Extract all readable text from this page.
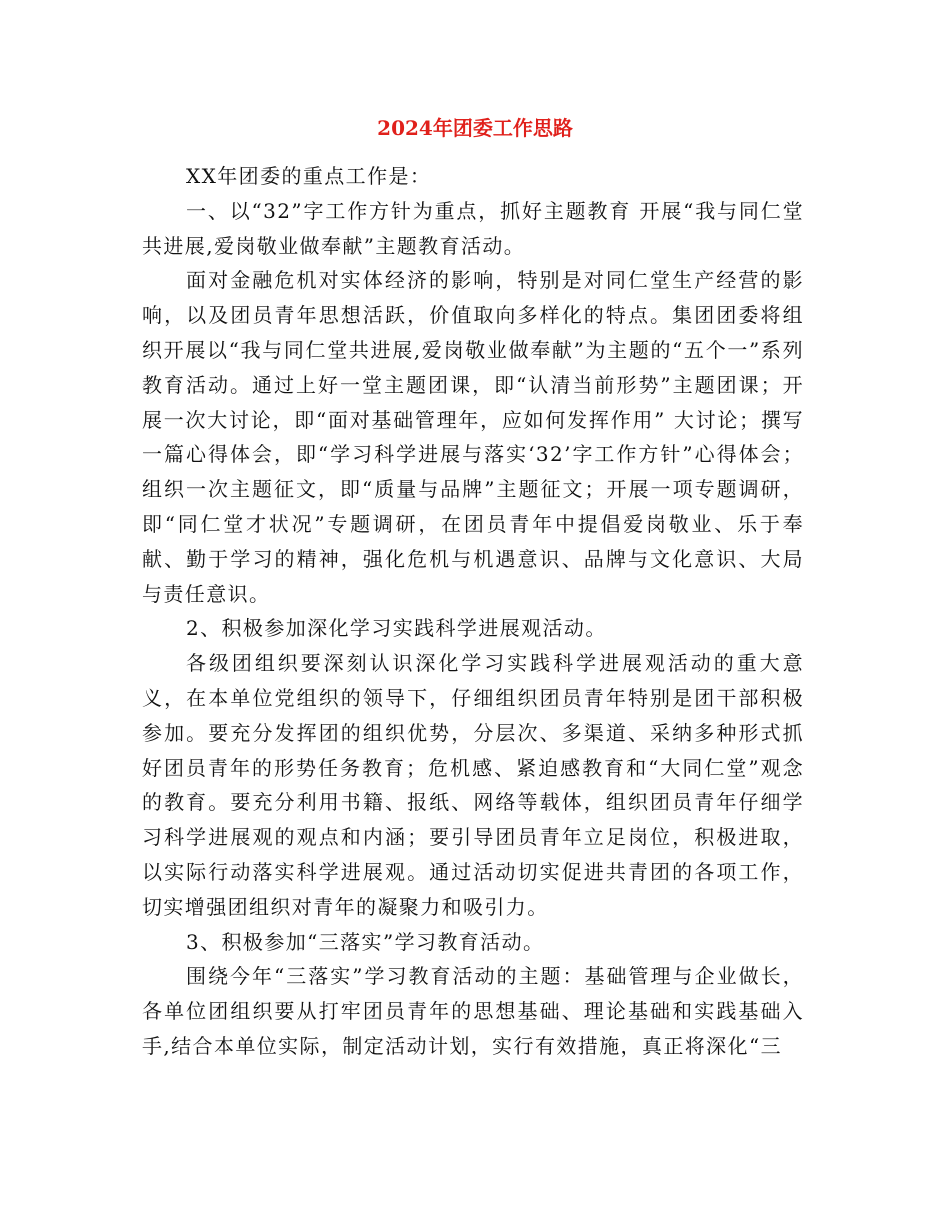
2024年团委工作思路

XX年团委的重点工作是：

一、以“32”字工作方针为重点，抓好主题教育 开展“我与同仁堂共进展,爱岗敬业做奉献”主题教育活动。

面对金融危机对实体经济的影响，特别是对同仁堂生产经营的影响，以及团员青年思想活跃，价值取向多样化的特点。集团团委将组织开展以“我与同仁堂共进展,爱岗敬业做奉献”为主题的“五个一”系列教育活动。通过上好一堂主题团课，即“认清当前形势”主题团课；开展一次大讨论，即“面对基础管理年，应如何发挥作用” 大讨论；撰写一篇心得体会，即“学习科学进展与落实‘32’字工作方针”心得体会；组织一次主题征文，即“质量与品牌”主题征文；开展一项专题调研，即“同仁堂才状况”专题调研，在团员青年中提倡爱岗敬业、乐于奉献、勤于学习的精神，强化危机与机遇意识、品牌与文化意识、大局与责任意识。

2、积极参加深化学习实践科学进展观活动。

各级团组织要深刻认识深化学习实践科学进展观活动的重大意义，在本单位党组织的领导下，仔细组织团员青年特别是团干部积极参加。要充分发挥团的组织优势，分层次、多渠道、采纳多种形式抓好团员青年的形势任务教育；危机感、紧迫感教育和“大同仁堂”观念的教育。要充分利用书籍、报纸、网络等载体，组织团员青年仔细学习科学进展观的观点和内涵；要引导团员青年立足岗位，积极进取，以实际行动落实科学进展观。通过活动切实促进共青团的各项工作，切实增强团组织对青年的凝聚力和吸引力。

3、积极参加“三落实”学习教育活动。

围绕今年“三落实”学习教育活动的主题：基础管理与企业做长，各单位团组织要从打牢团员青年的思想基础、理论基础和实践基础入手,结合本单位实际，制定活动计划，实行有效措施，真正将深化“三
